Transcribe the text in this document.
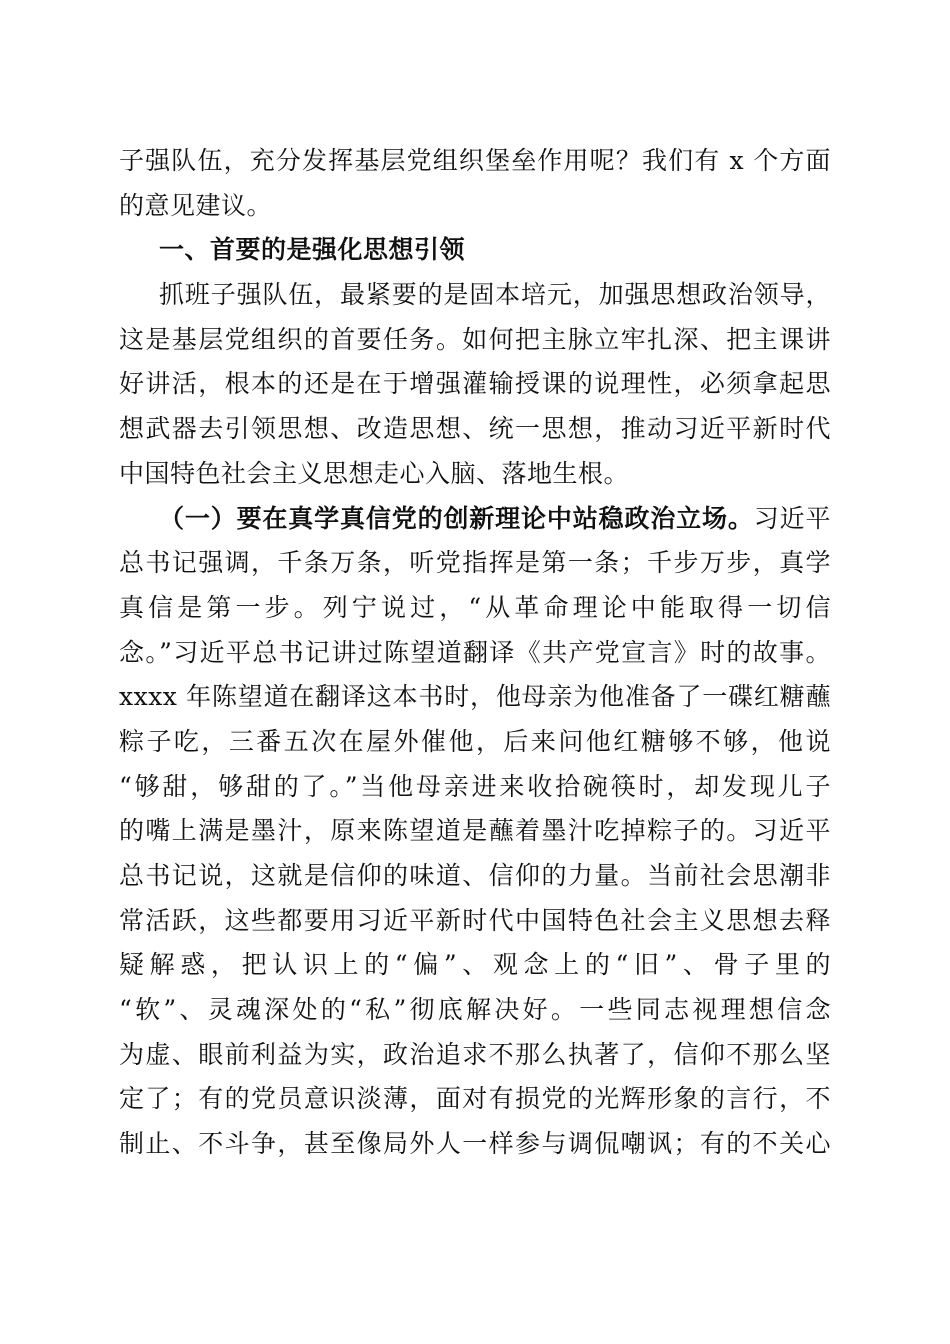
子强队伍，充分发挥基层党组织堡垒作用呢？我们有 x 个方面
的意见建议。
一、首要的是强化思想引领
抓班子强队伍，最紧要的是固本培元，加强思想政治领导，
这是基层党组织的首要任务。如何把主脉立牢扎深、把主课讲
好讲活，根本的还是在于增强灌输授课的说理性，必须拿起思
想武器去引领思想、改造思想、统一思想，推动习近平新时代
中国特色社会主义思想走心入脑、落地生根。
（一）要在真学真信党的创新理论中站稳政治立场。习近平
总书记强调，千条万条，听党指挥是第一条；千步万步，真学
真信是第一步。列宁说过，“从革命理论中能取得一切信
念。”习近平总书记讲过陈望道翻译《共产党宣言》时的故事。
xxxx 年陈望道在翻译这本书时，他母亲为他准备了一碟红糖蘸
粽子吃，三番五次在屋外催他，后来问他红糖够不够，他说
“够甜，够甜的了。”当他母亲进来收拾碗筷时，却发现儿子
的嘴上满是墨汁，原来陈望道是蘸着墨汁吃掉粽子的。习近平
总书记说，这就是信仰的味道、信仰的力量。当前社会思潮非
常活跃，这些都要用习近平新时代中国特色社会主义思想去释
疑解惑，把认识上的“偏”、观念上的“旧”、骨子里的
“软”、灵魂深处的“私”彻底解决好。一些同志视理想信念
为虚、眼前利益为实，政治追求不那么执著了，信仰不那么坚
定了；有的党员意识淡薄，面对有损党的光辉形象的言行，不
制止、不斗争，甚至像局外人一样参与调侃嘲讽；有的不关心
